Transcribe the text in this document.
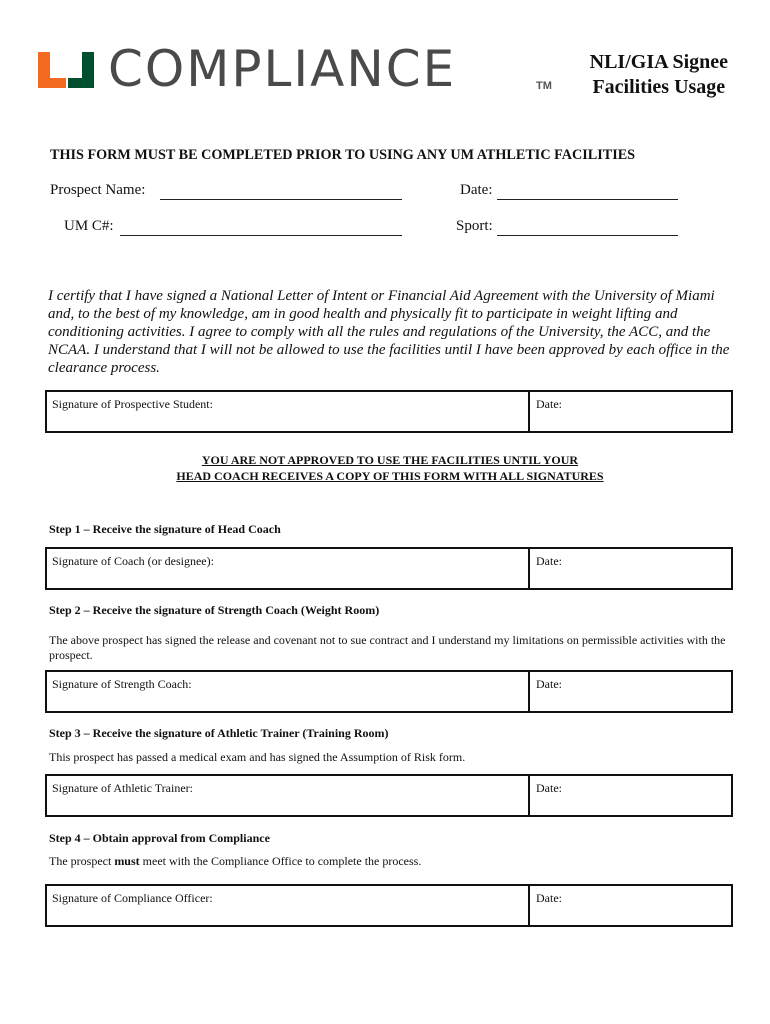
COMPLIANCE	TM
NLI/GIA Signee
Facilities Usage
THIS FORM MUST BE COMPLETED PRIOR TO USING ANY UM ATHLETIC FACILITIES
Prospect Name:	Date:
UM C#:	Sport:
I certify that I have signed a National Letter of Intent or Financial Aid Agreement with the University of Miami and, to the best of my knowledge, am in good health and physically fit to participate in weight lifting and conditioning activities. I agree to comply with all the rules and regulations of the University, the ACC, and the NCAA. I understand that I will not be allowed to use the facilities until I have been approved by each office in the clearance process.
Signature of Prospective Student:	Date:
YOU ARE NOT APPROVED TO USE THE FACILITIES UNTIL YOUR
HEAD COACH RECEIVES A COPY OF THIS FORM WITH ALL SIGNATURES
Step 1 – Receive the signature of Head Coach
Signature of Coach (or designee):	Date:
Step 2 – Receive the signature of Strength Coach (Weight Room)
The above prospect has signed the release and covenant not to sue contract and I understand my limitations on permissible activities with the prospect.
Signature of Strength Coach:	Date:
Step 3 – Receive the signature of Athletic Trainer (Training Room)
This prospect has passed a medical exam and has signed the Assumption of Risk form.
Signature of Athletic Trainer:	Date:
Step 4 – Obtain approval from Compliance
The prospect must meet with the Compliance Office to complete the process.
Signature of Compliance Officer:	Date:
